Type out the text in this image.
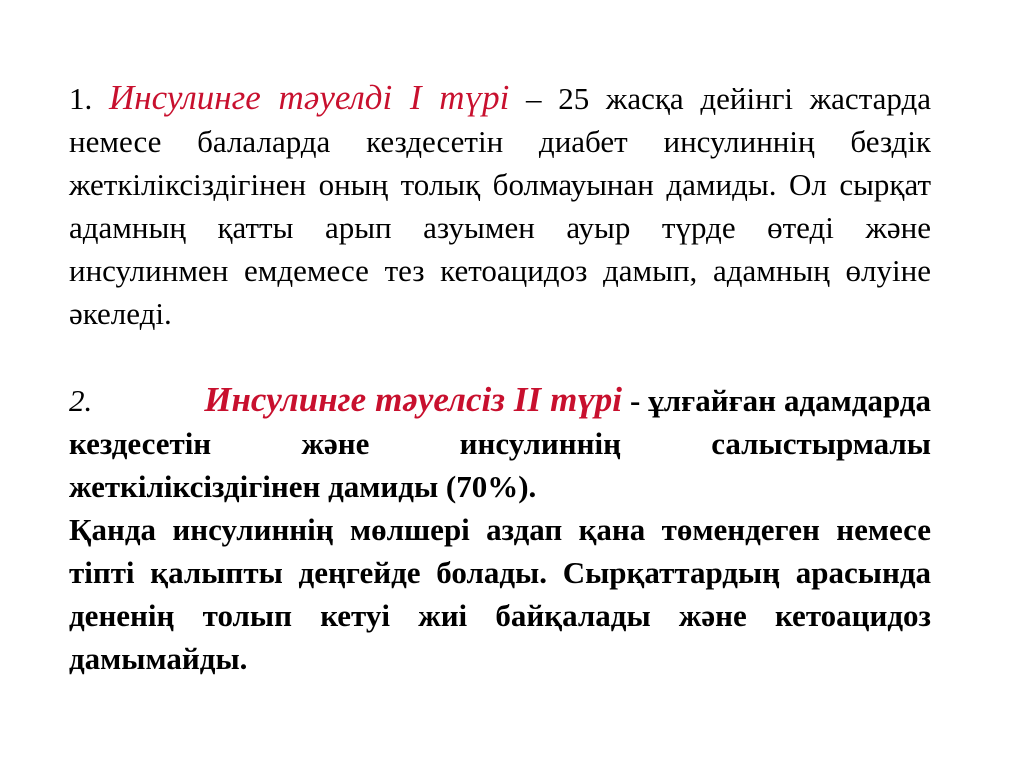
1. Инсулинге тәуелді I түрі – 25 жасқа дейінгі жастарда немесе балаларда кездесетін диабет инсулиннің бездік жеткіліксіздігінен оның толық болмауынан дамиды. Ол сырқат адамның қатты арып азуымен ауыр түрде өтеді және инсулинмен емдемесе тез кетоацидоз дамып, адамның өлуіне әкеледі.

2.	Инсулинге тәуелсіз II түрі - ұлғайған адамдарда кездесетін және инсулиннің салыстырмалы жеткіліксіздігінен дамиды (70%).

Қанда инсулиннің мөлшері аздап қана төмендеген немесе тіпті қалыпты деңгейде болады. Сырқаттардың арасында дененің толып кетуі жиі байқалады және кетоацидоз дамымайды.
